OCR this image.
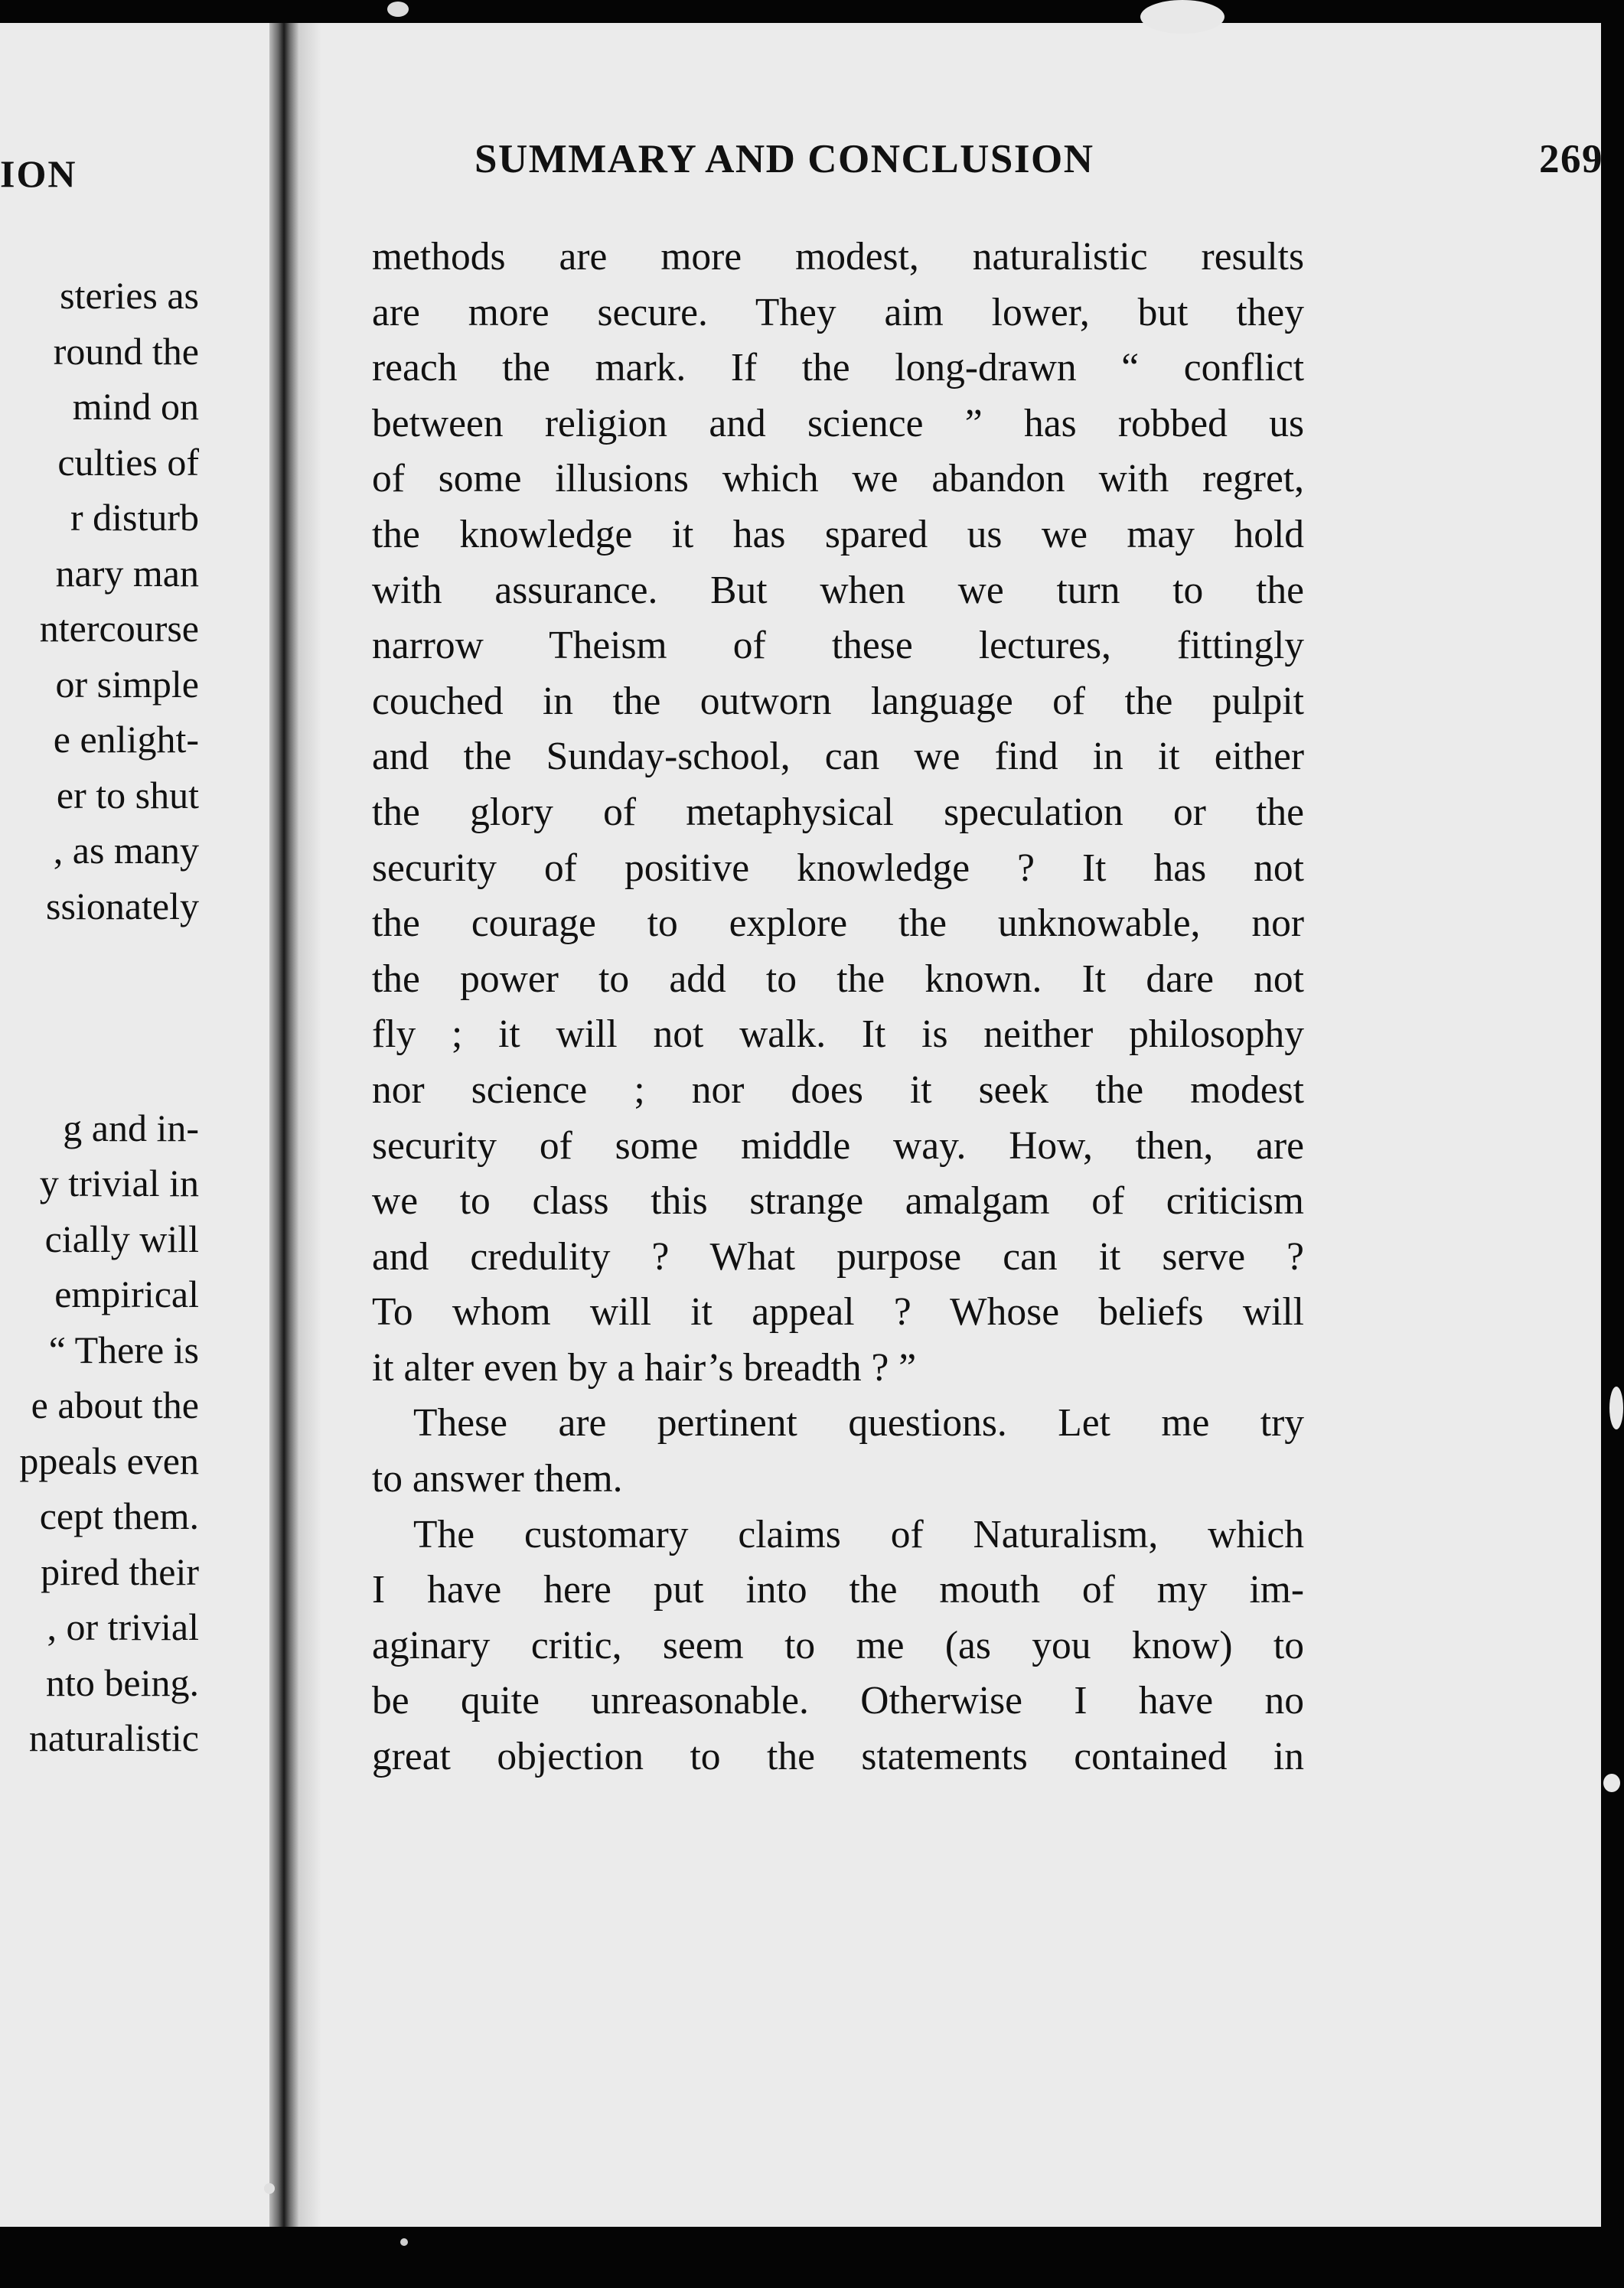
ION
steries as
round the
mind on
culties of
r disturb
nary man
ntercourse
or simple
e enlight-
er to shut
, as many
ssionately
g and in-
y trivial in
cially will
empirical
“ There is
e about the
ppeals even
cept them.
pired their
, or trivial
nto being.
naturalistic
SUMMARY AND CONCLUSION	269
methods are more modest, naturalistic results
are more secure. They aim lower, but they
reach the mark. If the long-drawn “ conflict
between religion and science ” has robbed us
of some illusions which we abandon with regret,
the knowledge it has spared us we may hold
with assurance. But when we turn to the
narrow Theism of these lectures, fittingly
couched in the outworn language of the pulpit
and the Sunday-school, can we find in it either
the glory of metaphysical speculation or the
security of positive knowledge ? It has not
the courage to explore the unknowable, nor
the power to add to the known. It dare not
fly ; it will not walk. It is neither philosophy
nor science ; nor does it seek the modest
security of some middle way. How, then, are
we to class this strange amalgam of criticism
and credulity ? What purpose can it serve ?
To whom will it appeal ? Whose beliefs will
it alter even by a hair’s breadth ? ”
These are pertinent questions. Let me try
to answer them.
The customary claims of Naturalism, which
I have here put into the mouth of my im-
aginary critic, seem to me (as you know) to
be quite unreasonable. Otherwise I have no
great objection to the statements contained in
